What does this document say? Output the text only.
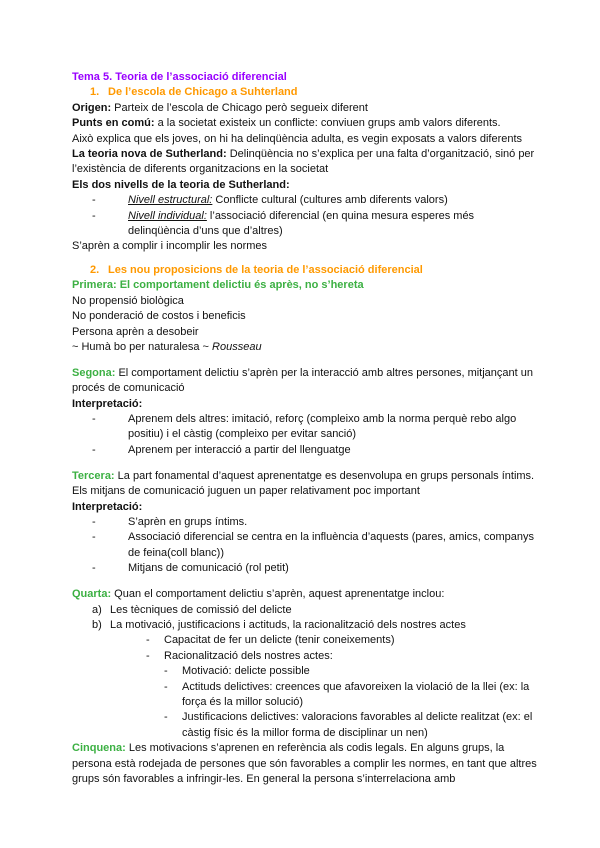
Tema 5. Teoria de l’associació diferencial
1. De l’escola de Chicago a Suhterland
Origen: Parteix de l’escola de Chicago però segueix diferent
Punts en comú: a la societat existeix un conflicte: conviuen grups amb valors diferents.
Això explica que els joves, on hi ha delinqüència adulta, es vegin exposats a valors diferents
La teoria nova de Sutherland: Delinqüència no s’explica per una falta d’organització, sinó per l’existència de diferents organitzacions en la societat
Els dos nivells de la teoria de Sutherland:
-	Nivell estructural: Conflicte cultural (cultures amb diferents valors)
-	Nivell individual: l’associació diferencial (en quina mesura esperes més delinqüència d’uns que d’altres)
S’aprèn a complir i incomplir les normes
2. Les nou proposicions de la teoria de l’associació diferencial
Primera: El comportament delictiu és après, no s’hereta
No propensió biològica
No ponderació de costos i beneficis
Persona aprèn a desobeir
~ Humà bo per naturalesa ~ Rousseau
Segona: El comportament delictiu s’aprèn per la interacció amb altres persones, mitjançant un procés de comunicació
Interpretació:
-	Aprenem dels altres: imitació, reforç (compleixo amb la norma perquè rebo algo positiu) i el càstig (compleixo per evitar sanció)
-	Aprenem per interacció a partir del llenguatge
Tercera: La part fonamental d’aquest aprenentatge es desenvolupa en grups personals íntims. Els mitjans de comunicació juguen un paper relativament poc important
Interpretació:
-	S’aprèn en grups íntims.
-	Associació diferencial se centra en la influència d’aquests (pares, amics, companys de feina(coll blanc))
-	Mitjans de comunicació (rol petit)
Quarta: Quan el comportament delictiu s’aprèn, aquest aprenentatge inclou:
a) Les tècniques de comissió del delicte
b) La motivació, justificacions i actituds, la racionalització dels nostres actes
- Capacitat de fer un delicte (tenir coneixements)
- Racionalització dels nostres actes:
- Motivació: delicte possible
- Actituds delictives: creences que afavoreixen la violació de la llei (ex: la força és la millor solució)
- Justificacions delictives: valoracions favorables al delicte realitzat (ex: el càstig físic és la millor forma de disciplinar un nen)
Cinquena: Les motivacions s’aprenen en referència als codis legals. En alguns grups, la persona està rodejada de persones que són favorables a complir les normes, en tant que altres grups són favorables a infringir-les. En general la persona s’interrelaciona amb
